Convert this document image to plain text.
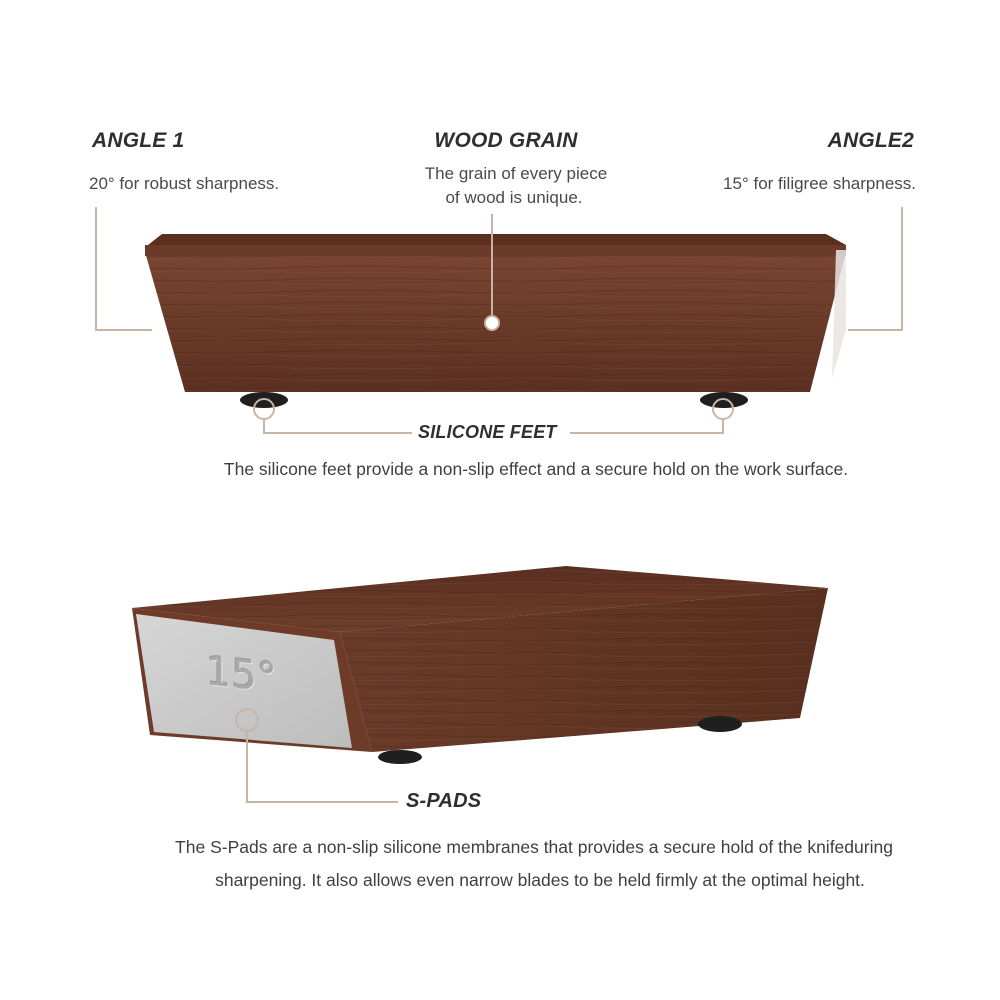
15°
ANGLE 1
20° for robust sharpness.
WOOD GRAIN
The grain of every piece
of wood is unique.
ANGLE2
15° for filigree sharpness.
SILICONE FEET
The silicone feet provide a non-slip effect and a secure hold on the work surface.
S-PADS
The S-Pads are a non-slip silicone membranes that provides a secure hold of the knifeduring
sharpening. It also allows even narrow blades to be held firmly at the optimal height.
